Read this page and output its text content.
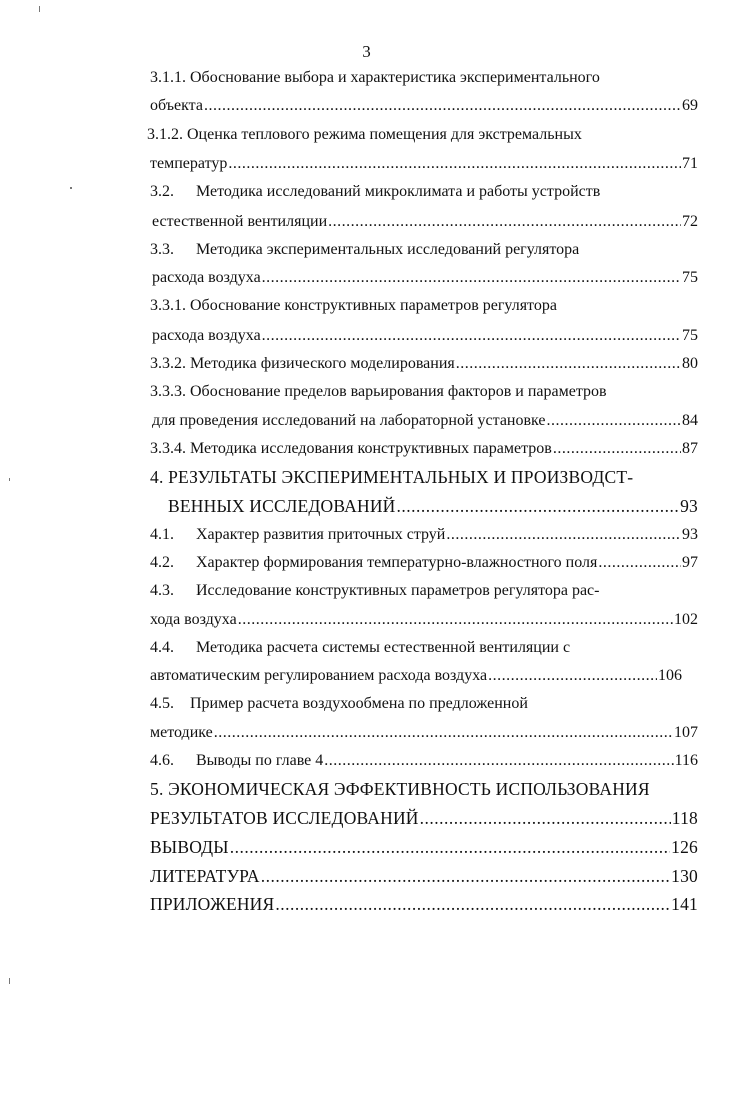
3
3.1.1. Обоснование выбора и характеристика экспериментального
объекта .....	69
3.1.2. Оценка теплового режима помещения для экстремальных
температур .....	71
3.2.	Методика исследований микроклимата и работы устройств
естественной вентиляции .....	72
3.3.	Методика экспериментальных исследований регулятора
расхода воздуха .....	75
3.3.1. Обоснование конструктивных параметров регулятора
расхода воздуха .....	75
3.3.2. Методика физического моделирования .....	80
3.3.3. Обоснование пределов варьирования факторов и параметров
для проведения исследований на лабораторной установке .....	84
3.3.4. Методика исследования конструктивных параметров .....	87
4. РЕЗУЛЬТАТЫ ЭКСПЕРИМЕНТАЛЬНЫХ И ПРОИЗВОДСТ-
ВЕННЫХ ИССЛЕДОВАНИЙ .....	93
4.1.	Характер развития приточных струй .....	93
4.2.	Характер формирования температурно-влажностного поля .....	97
4.3.	Исследование конструктивных параметров регулятора рас-
хода воздуха .....	102
4.4.	Методика расчета системы естественной вентиляции с
автоматическим регулированием расхода воздуха .....	106
4.5.	Пример расчета воздухообмена по предложенной
методике .....	107
4.6.	Выводы по главе 4 .....	116
5. ЭКОНОМИЧЕСКАЯ ЭФФЕКТИВНОСТЬ ИСПОЛЬЗОВАНИЯ
РЕЗУЛЬТАТОВ ИССЛЕДОВАНИЙ .....	118
ВЫВОДЫ .....	126
ЛИТЕРАТУРА .....	130
ПРИЛОЖЕНИЯ .....	141
